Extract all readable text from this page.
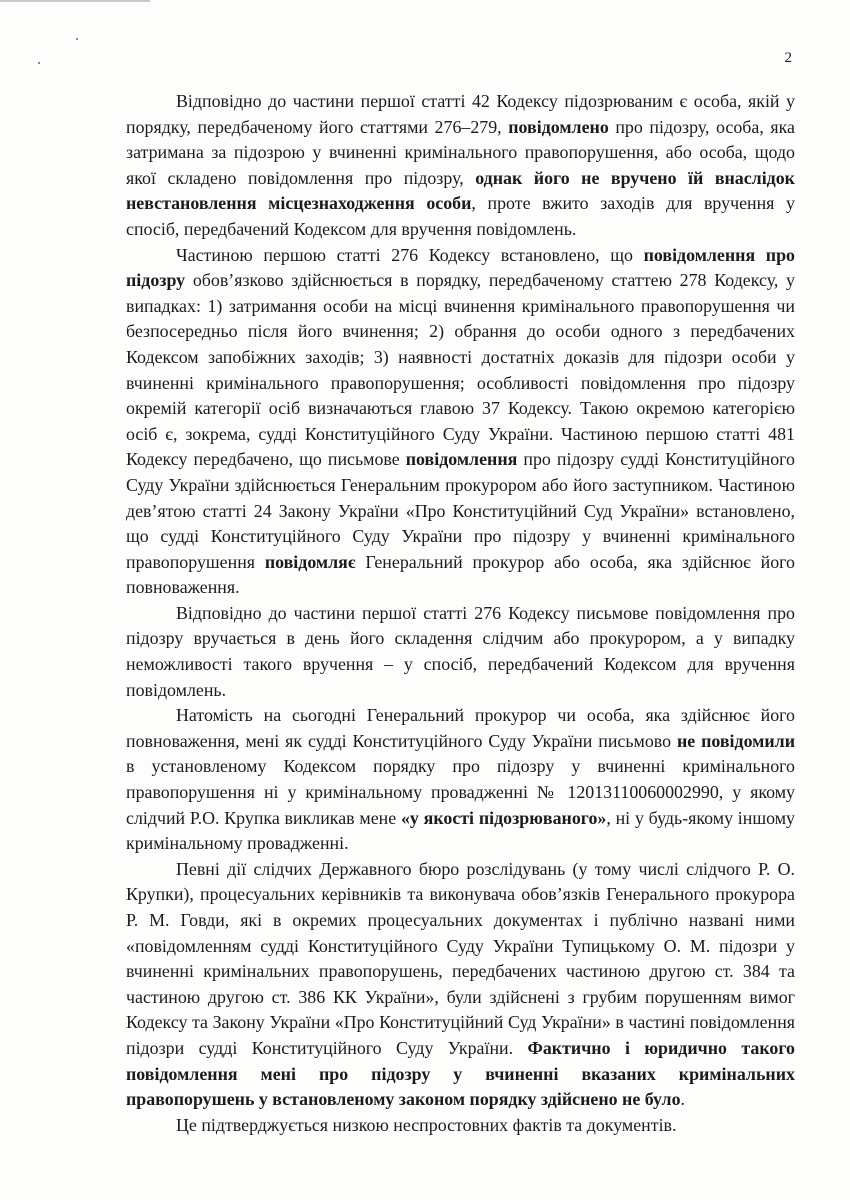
2

Відповідно до частини першої статті 42 Кодексу підозрюваним є особа, якій у порядку, передбаченому його статтями 276–279, повідомлено про підозру, особа, яка затримана за підозрою у вчиненні кримінального правопорушення, або особа, щодо якої складено повідомлення про підозру, однак його не вручено їй внаслідок невстановлення місцезнаходження особи, проте вжито заходів для вручення у спосіб, передбачений Кодексом для вручення повідомлень.

Частиною першою статті 276 Кодексу встановлено, що повідомлення про підозру обов’язково здійснюється в порядку, передбаченому статтею 278 Кодексу, у випадках: 1) затримання особи на місці вчинення кримінального правопорушення чи безпосередньо після його вчинення; 2) обрання до особи одного з передбачених Кодексом запобіжних заходів; 3) наявності достатніх доказів для підозри особи у вчиненні кримінального правопорушення; особливості повідомлення про підозру окремій категорії осіб визначаються главою 37 Кодексу. Такою окремою категорією осіб є, зокрема, судді Конституційного Суду України. Частиною першою статті 481 Кодексу передбачено, що письмове повідомлення про підозру судді Конституційного Суду України здійснюється Генеральним прокурором або його заступником. Частиною дев’ятою статті 24 Закону України «Про Конституційний Суд України» встановлено, що судді Конституційного Суду України про підозру у вчиненні кримінального правопорушення повідомляє Генеральний прокурор або особа, яка здійснює його повноваження.

Відповідно до частини першої статті 276 Кодексу письмове повідомлення про підозру вручається в день його складення слідчим або прокурором, а у випадку неможливості такого вручення – у спосіб, передбачений Кодексом для вручення повідомлень.

Натомість на сьогодні Генеральний прокурор чи особа, яка здійснює його повноваження, мені як судді Конституційного Суду України письмово не повідомили в установленому Кодексом порядку про підозру у вчиненні кримінального правопорушення ні у кримінальному провадженні № 12013110060002990, у якому слідчий Р.О. Крупка викликав мене «у якості підозрюваного», ні у будь-якому іншому кримінальному провадженні.

Певні дії слідчих Державного бюро розслідувань (у тому числі слідчого Р. О. Крупки), процесуальних керівників та виконувача обов’язків Генерального прокурора Р. М. Говди, які в окремих процесуальних документах і публічно названі ними «повідомленням судді Конституційного Суду України Тупицькому О. М. підозри у вчиненні кримінальних правопорушень, передбачених частиною другою ст. 384 та частиною другою ст. 386 КК України», були здійснені з грубим порушенням вимог Кодексу та Закону України «Про Конституційний Суд України» в частині повідомлення підозри судді Конституційного Суду України. Фактично і юридично такого повідомлення мені про підозру у вчиненні вказаних кримінальних правопорушень у встановленому законом порядку здійснено не було.

Це підтверджується низкою неспростовних фактів та документів.
